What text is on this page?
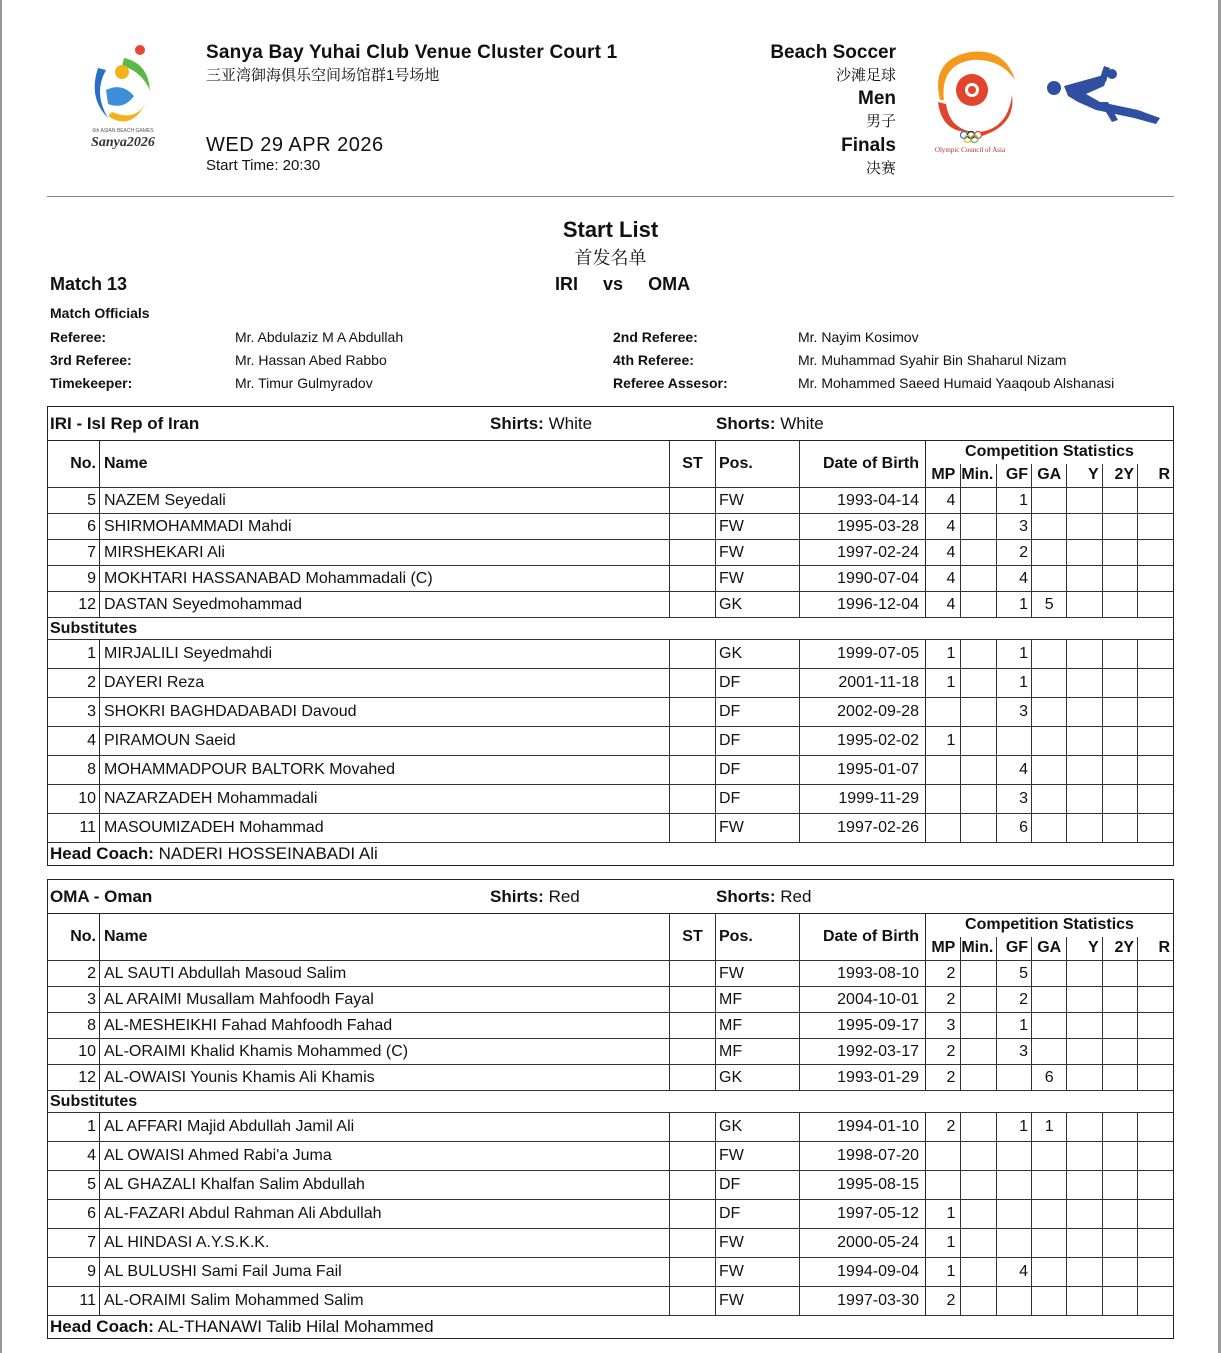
6th ASIAN BEACH GAMES
Sanya2026
Sanya Bay Yuhai Club Venue Cluster Court 1
三亚湾御海俱乐空间场馆群1号场地
WED 29 APR 2026
Start Time: 20:30
Beach Soccer
沙滩足球
Men
男子
Finals
决赛
Olympic Council of Asia
Start List
首发名单
Match 13	IRI vs OMA
Match Officials
Referee:	Mr. Abdulaziz M A Abdullah	2nd Referee:	Mr. Nayim Kosimov
3rd Referee:	Mr. Hassan Abed Rabbo	4th Referee:	Mr. Muhammad Syahir Bin Shaharul Nizam
Timekeeper:	Mr. Timur Gulmyradov	Referee Assesor:	Mr. Mohammed Saeed Humaid Yaaqoub Alshanasi
IRI - Isl Rep of Iran	Shirts: White	Shorts: White
No.	Name	ST	Pos.	Date of Birth	Competition Statistics						
					MP	Min.	GF	GA	Y	2Y	R
5	NAZEM Seyedali		FW	1993-04-14	4		1				
6	SHIRMOHAMMADI Mahdi		FW	1995-03-28	4		3				
7	MIRSHEKARI Ali		FW	1997-02-24	4		2				
9	MOKHTARI HASSANABAD Mohammadali (C)		FW	1990-07-04	4		4				
12	DASTAN Seyedmohammad		GK	1996-12-04	4		1	5			
Substitutes											
1	MIRJALILI Seyedmahdi		GK	1999-07-05	1		1				
2	DAYERI Reza		DF	2001-11-18	1		1				
3	SHOKRI BAGHDADABADI Davoud		DF	2002-09-28			3				
4	PIRAMOUN Saeid		DF	1995-02-02	1						
8	MOHAMMADPOUR BALTORK Movahed		DF	1995-01-07			4				
10	NAZARZADEH Mohammadali		DF	1999-11-29			3				
11	MASOUMIZADEH Mohammad		FW	1997-02-26			6				
Head Coach: NADERI HOSSEINABADI Ali
OMA - Oman	Shirts: Red	Shorts: Red
No.	Name	ST	Pos.	Date of Birth	Competition Statistics						
					MP	Min.	GF	GA	Y	2Y	R
2	AL SAUTI Abdullah Masoud Salim		FW	1993-08-10	2		5				
3	AL ARAIMI Musallam Mahfoodh Fayal		MF	2004-10-01	2		2				
8	AL-MESHEIKHI Fahad Mahfoodh Fahad		MF	1995-09-17	3		1				
10	AL-ORAIMI Khalid Khamis Mohammed (C)		MF	1992-03-17	2		3				
12	AL-OWAISI Younis Khamis Ali Khamis		GK	1993-01-29	2			6			
Substitutes											
1	AL AFFARI Majid Abdullah Jamil Ali		GK	1994-01-10	2		1	1			
4	AL OWAISI Ahmed Rabi'a Juma		FW	1998-07-20							
5	AL GHAZALI Khalfan Salim Abdullah		DF	1995-08-15							
6	AL-FAZARI Abdul Rahman Ali Abdullah		DF	1997-05-12	1						
7	AL HINDASI A.Y.S.K.K.		FW	2000-05-24	1						
9	AL BULUSHI Sami Fail Juma Fail		FW	1994-09-04	1		4				
11	AL-ORAIMI Salim Mohammed Salim		FW	1997-03-30	2						
Head Coach: AL-THANAWI Talib Hilal Mohammed
